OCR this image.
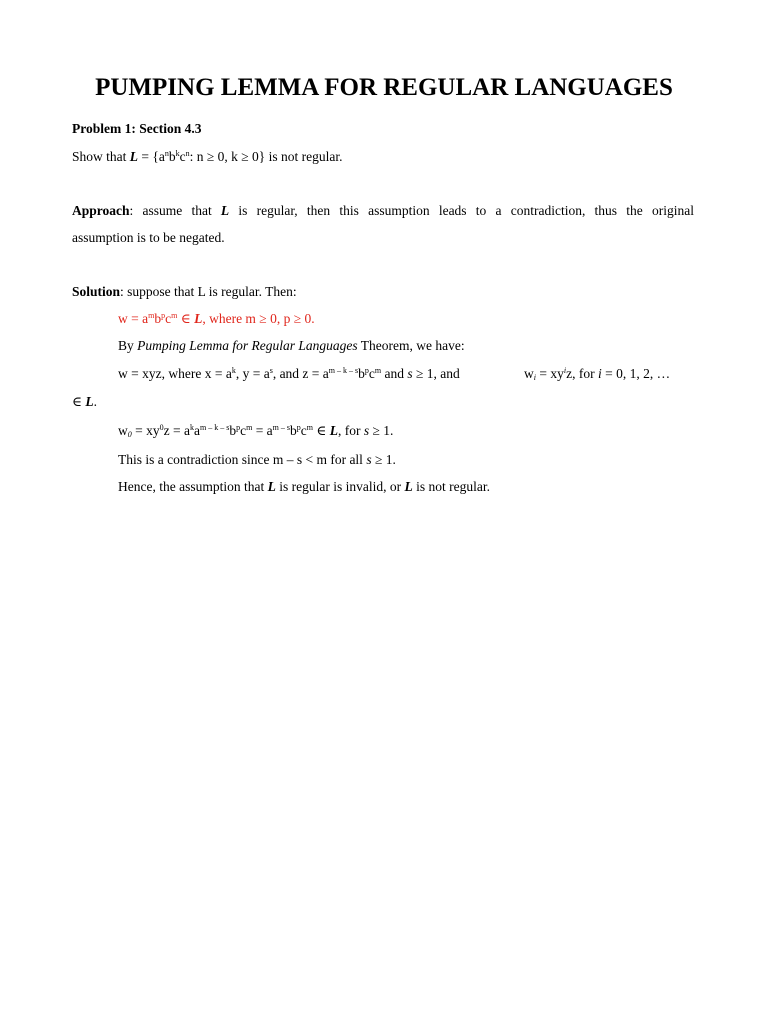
PUMPING LEMMA FOR REGULAR LANGUAGES
Problem 1: Section 4.3
Show that $L = \{a^nb^kc^n$: n ≥ 0, k ≥ 0} is not regular.
Approach: assume that L is regular, then this assumption leads to a contradiction, thus the original
assumption is to be negated.
Solution: suppose that L is regular. Then:
$w = a^mb^pc^m$ ∈ L, where m ≥ 0, p ≥ 0.
By Pumping Lemma for Regular Languages Theorem, we have:
w = xyz, where $x = a^k$, $y = a^s$, and $z = a^{m - k - s}b^pc^m$ and s ≥ 1, and	$w_i = xy^iz$, for i = 0, 1, 2, …
∈ L.
$w_0 = xy^0z = a^ka^{m - k - s}b^pc^m = a^{m - s}b^pc^m$ ∈ L, for s ≥ 1.
This is a contradiction since m – s < m for all s ≥ 1.
Hence, the assumption that L is regular is invalid, or L is not regular.
